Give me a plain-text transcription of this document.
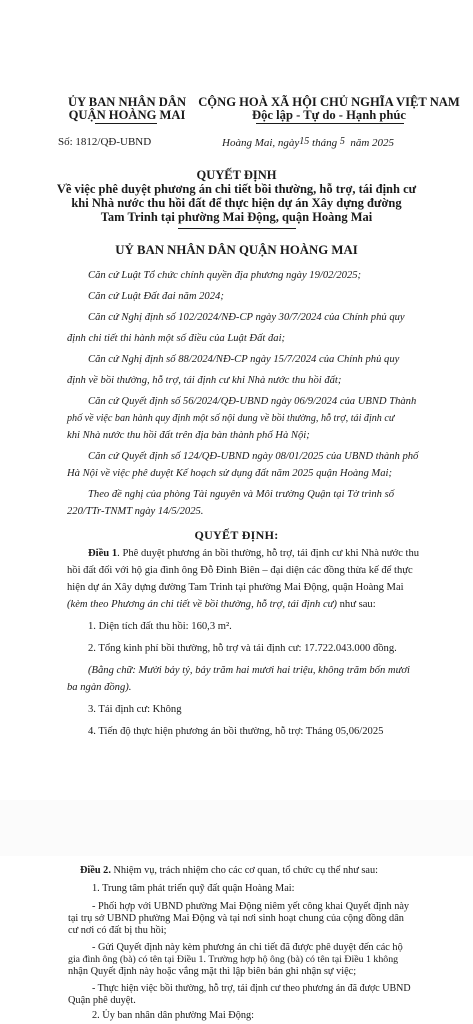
ỦY BAN NHÂN DÂN
QUẬN HOÀNG MAI
CỘNG HOÀ XÃ HỘI CHỦ NGHĨA VIỆT NAM
Độc lập - Tự do - Hạnh phúc
Số: 1812/QĐ-UBND	Hoàng Mai, ngày15 tháng 5 năm 2025
QUYẾT ĐỊNH
Về việc phê duyệt phương án chi tiết bồi thường, hỗ trợ, tái định cư
khi Nhà nước thu hồi đất để thực hiện dự án Xây dựng đường
Tam Trinh tại phường Mai Động, quận Hoàng Mai
UỶ BAN NHÂN DÂN QUẬN HOÀNG MAI
Căn cứ Luật Tổ chức chính quyền địa phương ngày 19/02/2025;
Căn cứ Luật Đất đai năm 2024;
Căn cứ Nghị định số 102/2024/NĐ-CP ngày 30/7/2024 của Chính phủ quy
định chi tiết thi hành một số điều của Luật Đất đai;
Căn cứ Nghị định số 88/2024/NĐ-CP ngày 15/7/2024 của Chính phủ quy
định về bồi thường, hỗ trợ, tái định cư khi Nhà nước thu hồi đất;
Căn cứ Quyết định số 56/2024/QĐ-UBND ngày 06/9/2024 của UBND Thành
phố về việc ban hành quy định một số nội dung về bồi thường, hỗ trợ, tái định cư
khi Nhà nước thu hồi đất trên địa bàn thành phố Hà Nội;
Căn cứ Quyết định số 124/QĐ-UBND ngày 08/01/2025 của UBND thành phố
Hà Nội về việc phê duyệt Kế hoạch sử dụng đất năm 2025 quận Hoàng Mai;
Theo đề nghị của phòng Tài nguyên và Môi trường Quận tại Tờ trình số
220/TTr-TNMT ngày 14/5/2025.
QUYẾT ĐỊNH:
Điều 1. Phê duyệt phương án bồi thường, hỗ trợ, tái định cư khi Nhà nước thu
hồi đất đối với hộ gia đình ông Đỗ Đình Biên – đại diện các đồng thừa kế để thực
hiện dự án Xây dựng đường Tam Trinh tại phường Mai Động, quận Hoàng Mai
(kèm theo Phương án chi tiết về bồi thường, hỗ trợ, tái định cư) như sau:
1. Diện tích đất thu hồi: 160,3 m².
2. Tổng kinh phí bồi thường, hỗ trợ và tái định cư: 17.722.043.000 đồng.
(Bằng chữ: Mười bảy tỷ, bảy trăm hai mươi hai triệu, không trăm bốn mươi
ba ngàn đồng).
3. Tái định cư: Không
4. Tiến độ thực hiện phương án bồi thường, hỗ trợ: Tháng 05,06/2025
Điều 2. Nhiệm vụ, trách nhiệm cho các cơ quan, tổ chức cụ thể như sau:
1. Trung tâm phát triển quỹ đất quận Hoàng Mai:
- Phối hợp với UBND phường Mai Động niêm yết công khai Quyết định này
tại trụ sở UBND phường Mai Động và tại nơi sinh hoạt chung của cộng đồng dân
cư nơi có đất bị thu hồi;
- Gửi Quyết định này kèm phương án chi tiết đã được phê duyệt đến các hộ
gia đình ông (bà) có tên tại Điều 1. Trường hợp hộ ông (bà) có tên tại Điều 1 không
nhận Quyết định này hoặc vắng mặt thì lập biên bản ghi nhận sự việc;
- Thực hiện việc bồi thường, hỗ trợ, tái định cư theo phương án đã được UBND
Quận phê duyệt.
2. Ủy ban nhân dân phường Mai Động:
